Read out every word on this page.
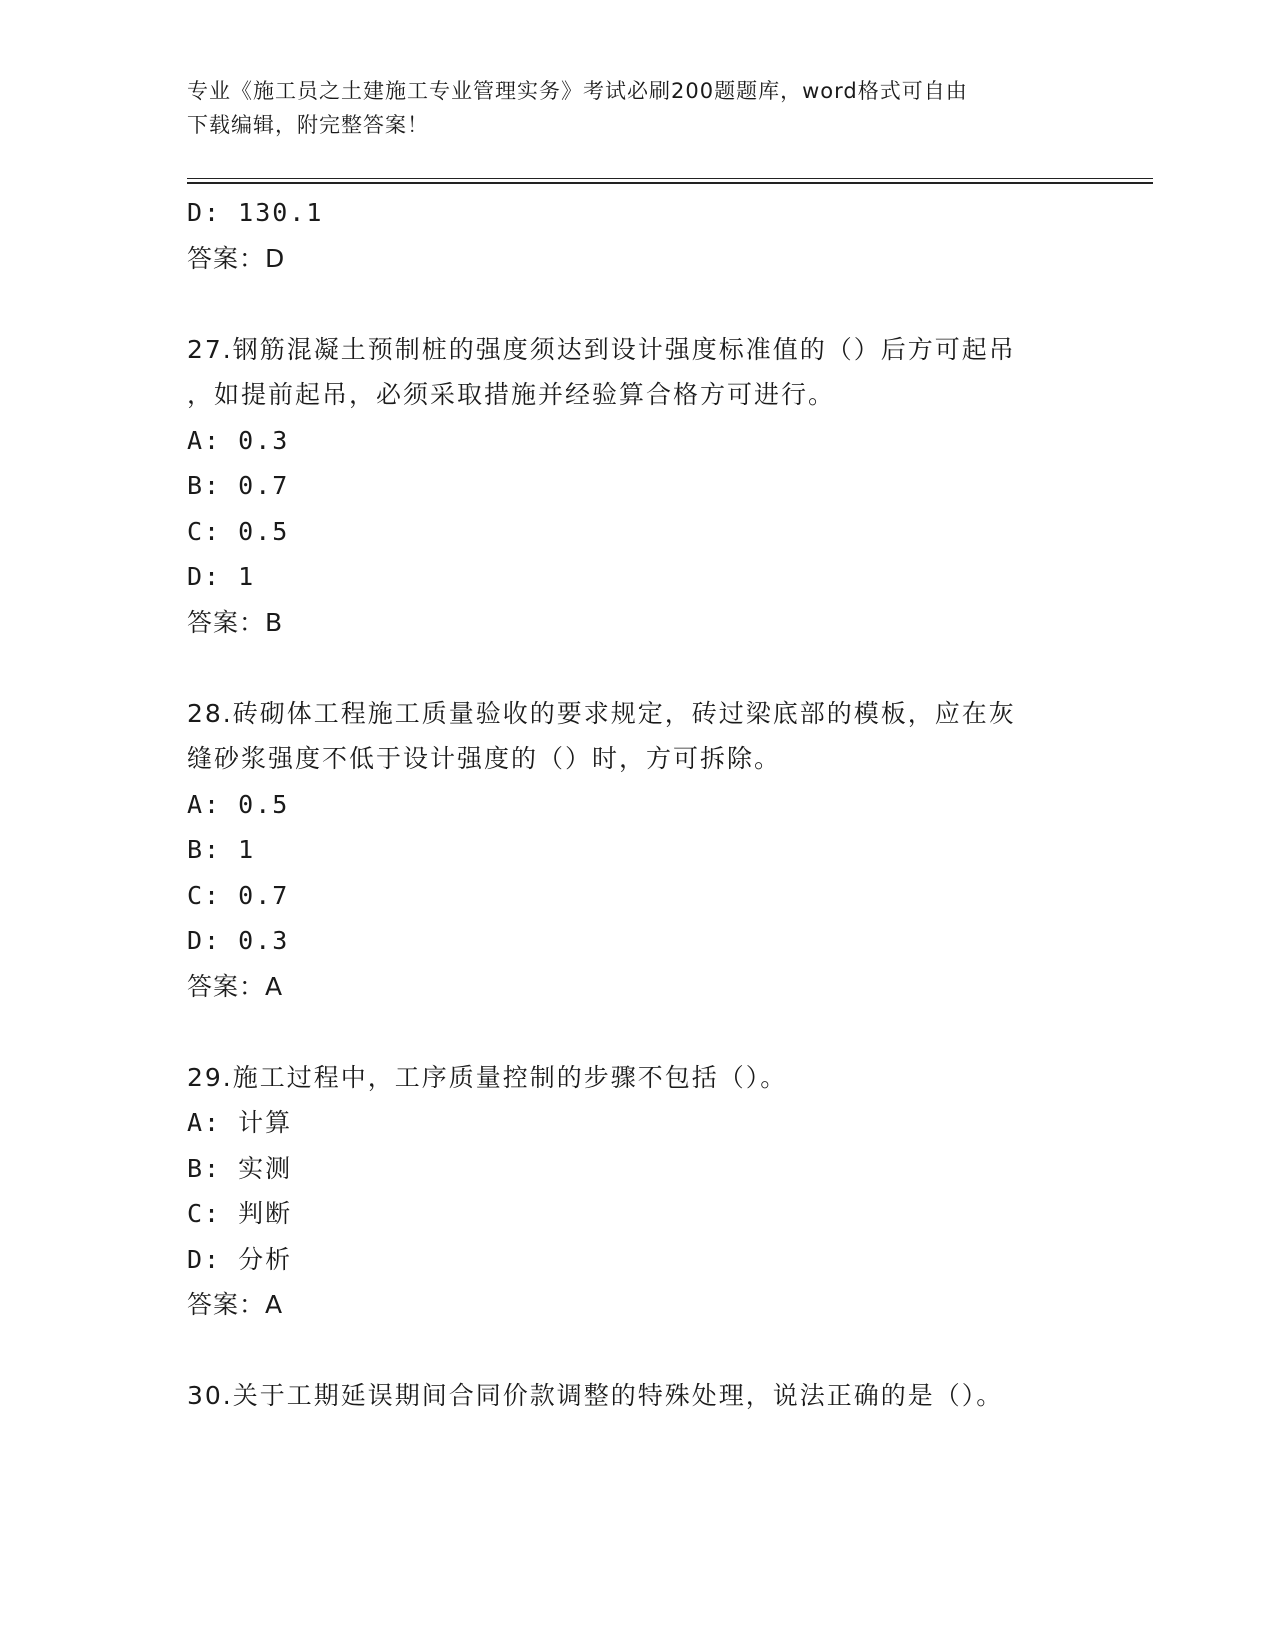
专业《施工员之土建施工专业管理实务》考试必刷200题题库，word格式可自由
下载编辑，附完整答案！
D: 130.1
答案：D
27.钢筋混凝土预制桩的强度须达到设计强度标准值的（）后方可起吊
，如提前起吊，必须采取措施并经验算合格方可进行。
A: 0.3
B: 0.7
C: 0.5
D: 1
答案：B
28.砖砌体工程施工质量验收的要求规定，砖过梁底部的模板，应在灰
缝砂浆强度不低于设计强度的（）时，方可拆除。
A: 0.5
B: 1
C: 0.7
D: 0.3
答案：A
29.施工过程中，工序质量控制的步骤不包括（）。
A: 计算
B: 实测
C: 判断
D: 分析
答案：A
30.关于工期延误期间合同价款调整的特殊处理，说法正确的是（）。
